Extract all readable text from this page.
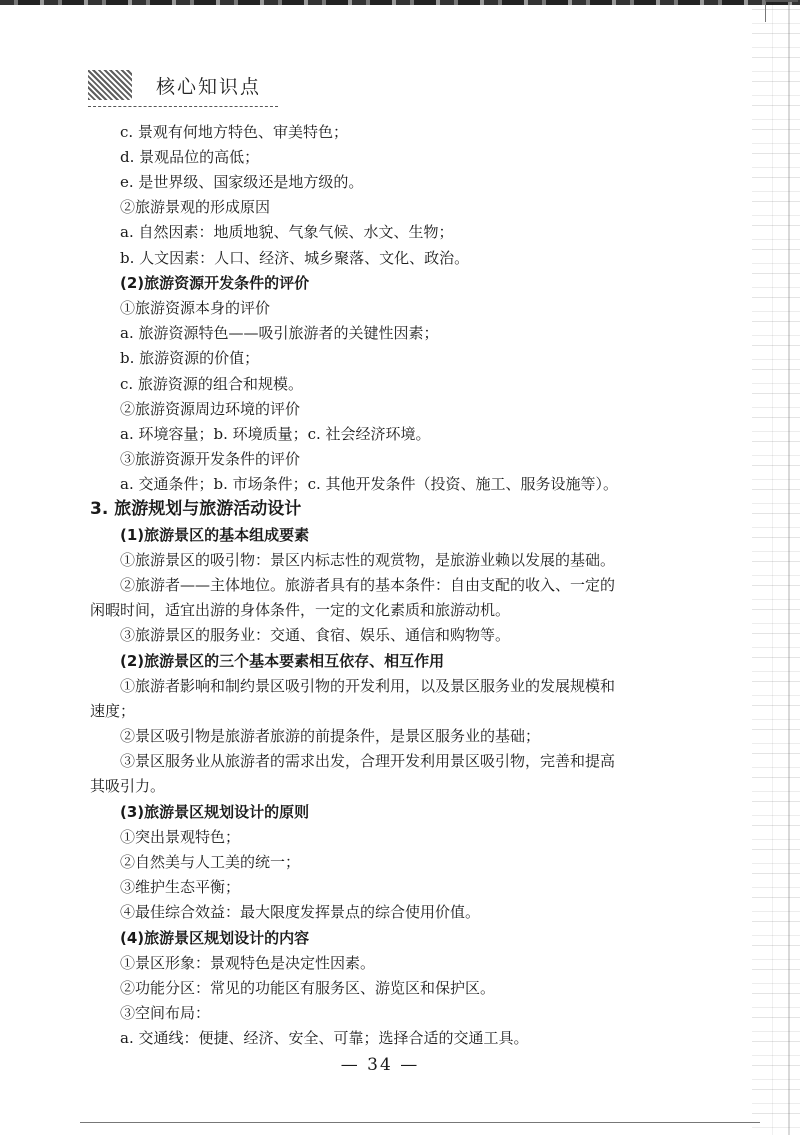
核心知识点
c. 景观有何地方特色、审美特色；
d. 景观品位的高低；
e. 是世界级、国家级还是地方级的。
②旅游景观的形成原因
a. 自然因素：地质地貌、气象气候、水文、生物；
b. 人文因素：人口、经济、城乡聚落、文化、政治。
(2)旅游资源开发条件的评价
①旅游资源本身的评价
a. 旅游资源特色——吸引旅游者的关键性因素；
b. 旅游资源的价值；
c. 旅游资源的组合和规模。
②旅游资源周边环境的评价
a. 环境容量；b. 环境质量；c. 社会经济环境。
③旅游资源开发条件的评价
a. 交通条件；b. 市场条件；c. 其他开发条件（投资、施工、服务设施等）。
3. 旅游规划与旅游活动设计
(1)旅游景区的基本组成要素
①旅游景区的吸引物：景区内标志性的观赏物，是旅游业赖以发展的基础。
②旅游者——主体地位。旅游者具有的基本条件：自由支配的收入、一定的
闲暇时间，适宜出游的身体条件，一定的文化素质和旅游动机。
③旅游景区的服务业：交通、食宿、娱乐、通信和购物等。
(2)旅游景区的三个基本要素相互依存、相互作用
①旅游者影响和制约景区吸引物的开发利用，以及景区服务业的发展规模和
速度；
②景区吸引物是旅游者旅游的前提条件，是景区服务业的基础；
③景区服务业从旅游者的需求出发，合理开发利用景区吸引物，完善和提高
其吸引力。
(3)旅游景区规划设计的原则
①突出景观特色；
②自然美与人工美的统一；
③维护生态平衡；
④最佳综合效益：最大限度发挥景点的综合使用价值。
(4)旅游景区规划设计的内容
①景区形象：景观特色是决定性因素。
②功能分区：常见的功能区有服务区、游览区和保护区。
③空间布局：
a. 交通线：便捷、经济、安全、可靠；选择合适的交通工具。
— 34 —
